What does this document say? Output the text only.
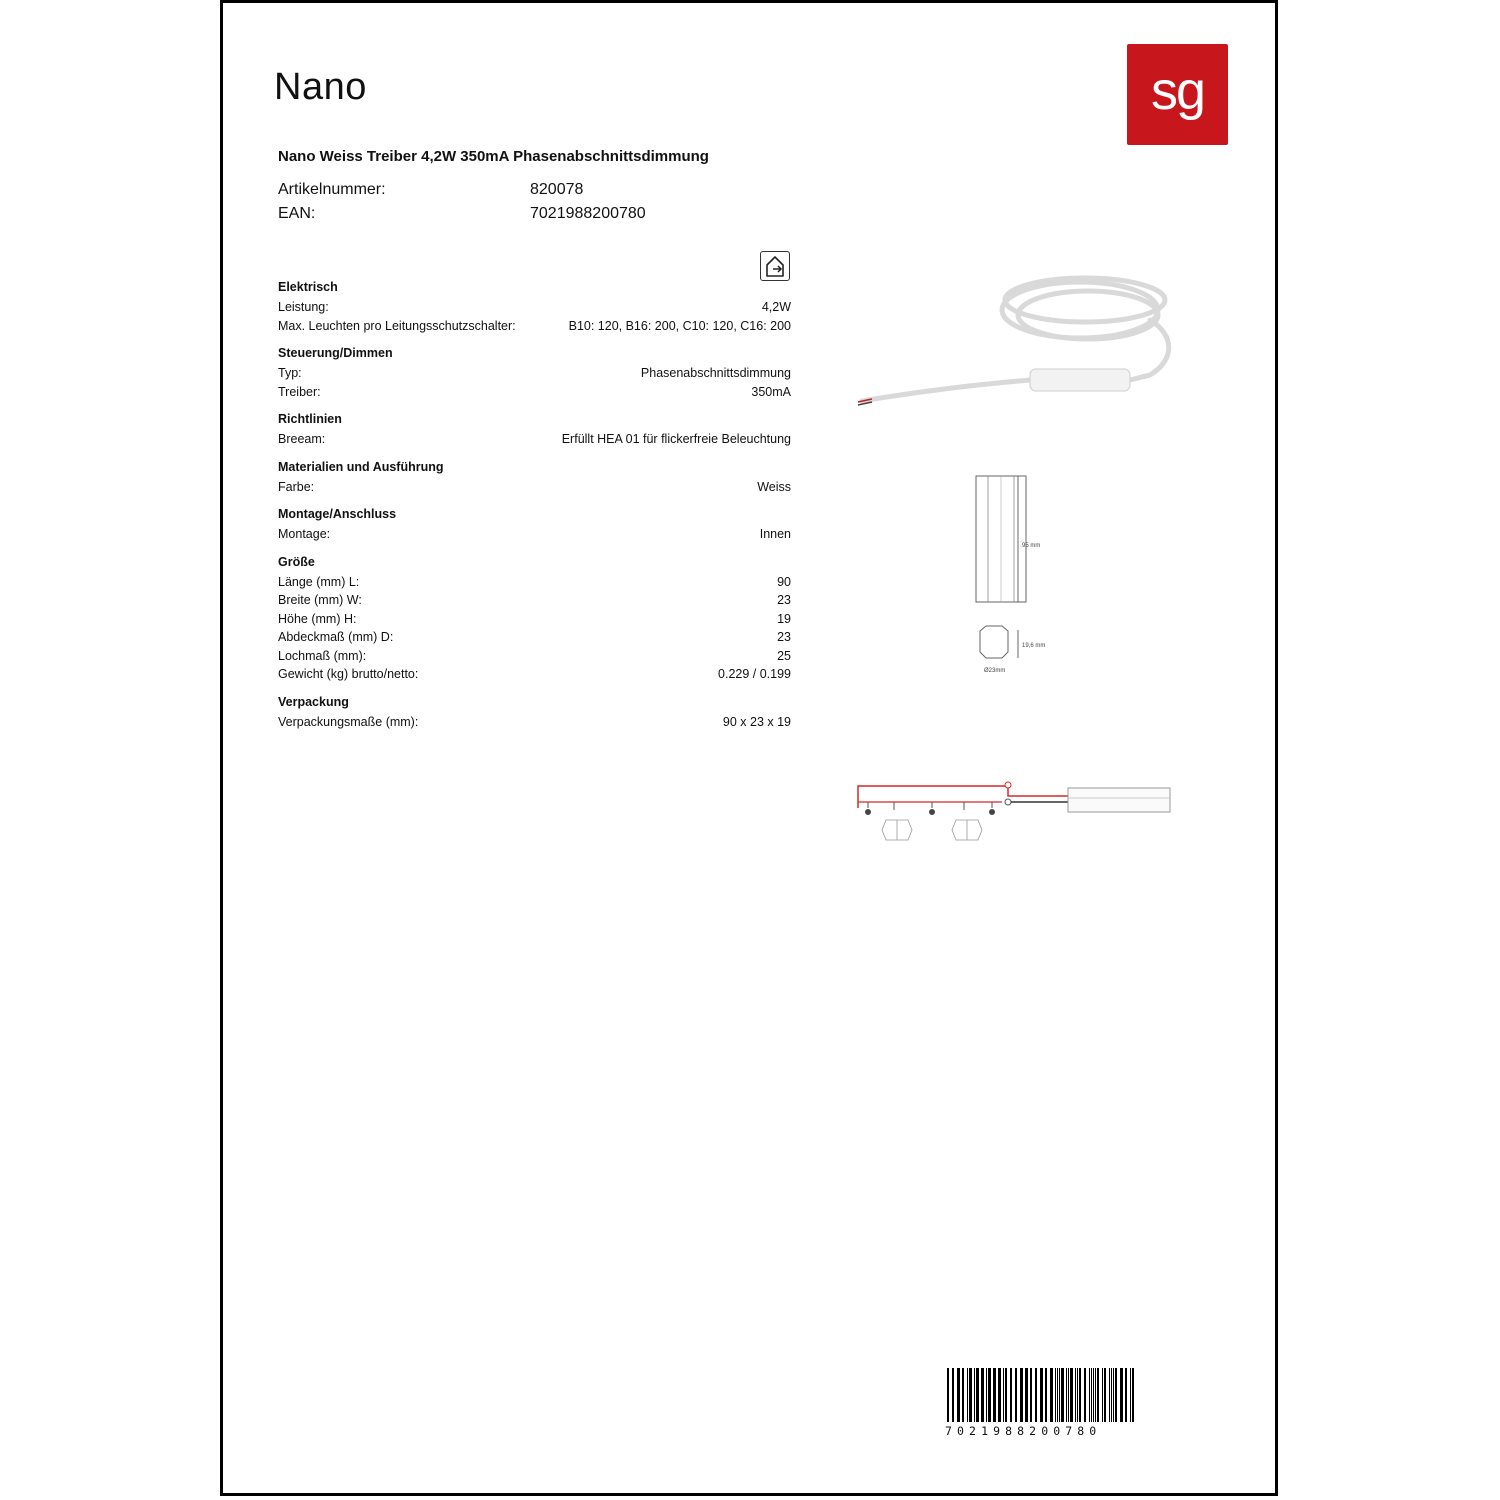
Nano	sg
Nano Weiss Treiber 4,2W 350mA Phasenabschnittsdimmung
Artikelnummer:	820078
EAN:	7021988200780
Elektrisch
Leistung:	4,2W
Max. Leuchten pro Leitungsschutzschalter:	B10: 120, B16: 200, C10: 120, C16: 200
Steuerung/Dimmen
Typ:	Phasenabschnittsdimmung
Treiber:	350mA
Richtlinien
Breeam:	Erfüllt HEA 01 für flickerfreie Beleuchtung
Materialien und Ausführung
Farbe:	Weiss
Montage/Anschluss
Montage:	Innen
Größe
Länge (mm) L:	90
Breite (mm) W:	23
Höhe (mm) H:	19
Abdeckmaß (mm) D:	23
Lochmaß (mm):	25
Gewicht (kg) brutto/netto:	0.229 / 0.199
Verpackung
Verpackungsmaße (mm):	90 x 23 x 19
95 mm
19,6 mm
Ø23mm
7021988200780
